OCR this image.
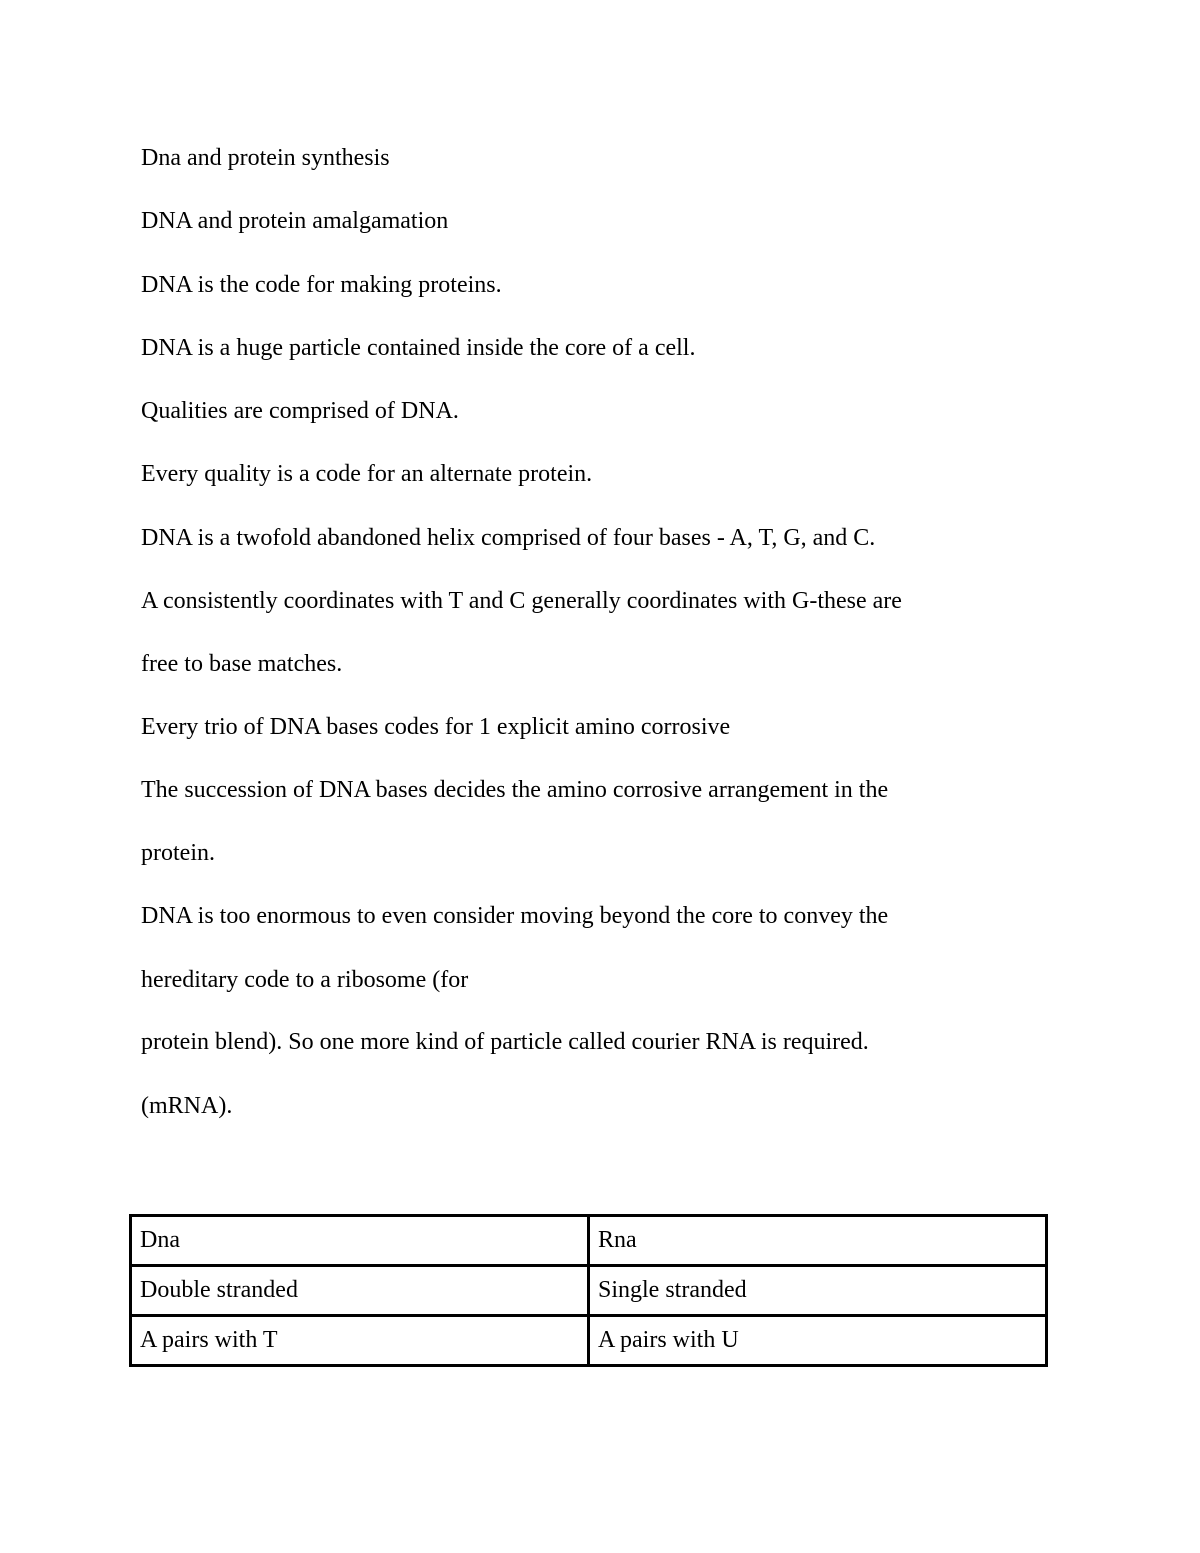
Dna and protein synthesis
DNA and protein amalgamation
DNA is the code for making proteins.
DNA is a huge particle contained inside the core of a cell.
Qualities are comprised of DNA.
Every quality is a code for an alternate protein.
DNA is a twofold abandoned helix comprised of four bases - A, T, G, and C.
A consistently coordinates with T and C generally coordinates with G-these are
free to base matches.
Every trio of DNA bases codes for 1 explicit amino corrosive
The succession of DNA bases decides the amino corrosive arrangement in the
protein.
DNA is too enormous to even consider moving beyond the core to convey the
hereditary code to a ribosome (for
protein blend). So one more kind of particle called courier RNA is required.
(mRNA).
Dna	Rna
Double stranded	Single stranded
A pairs with T	A pairs with U
